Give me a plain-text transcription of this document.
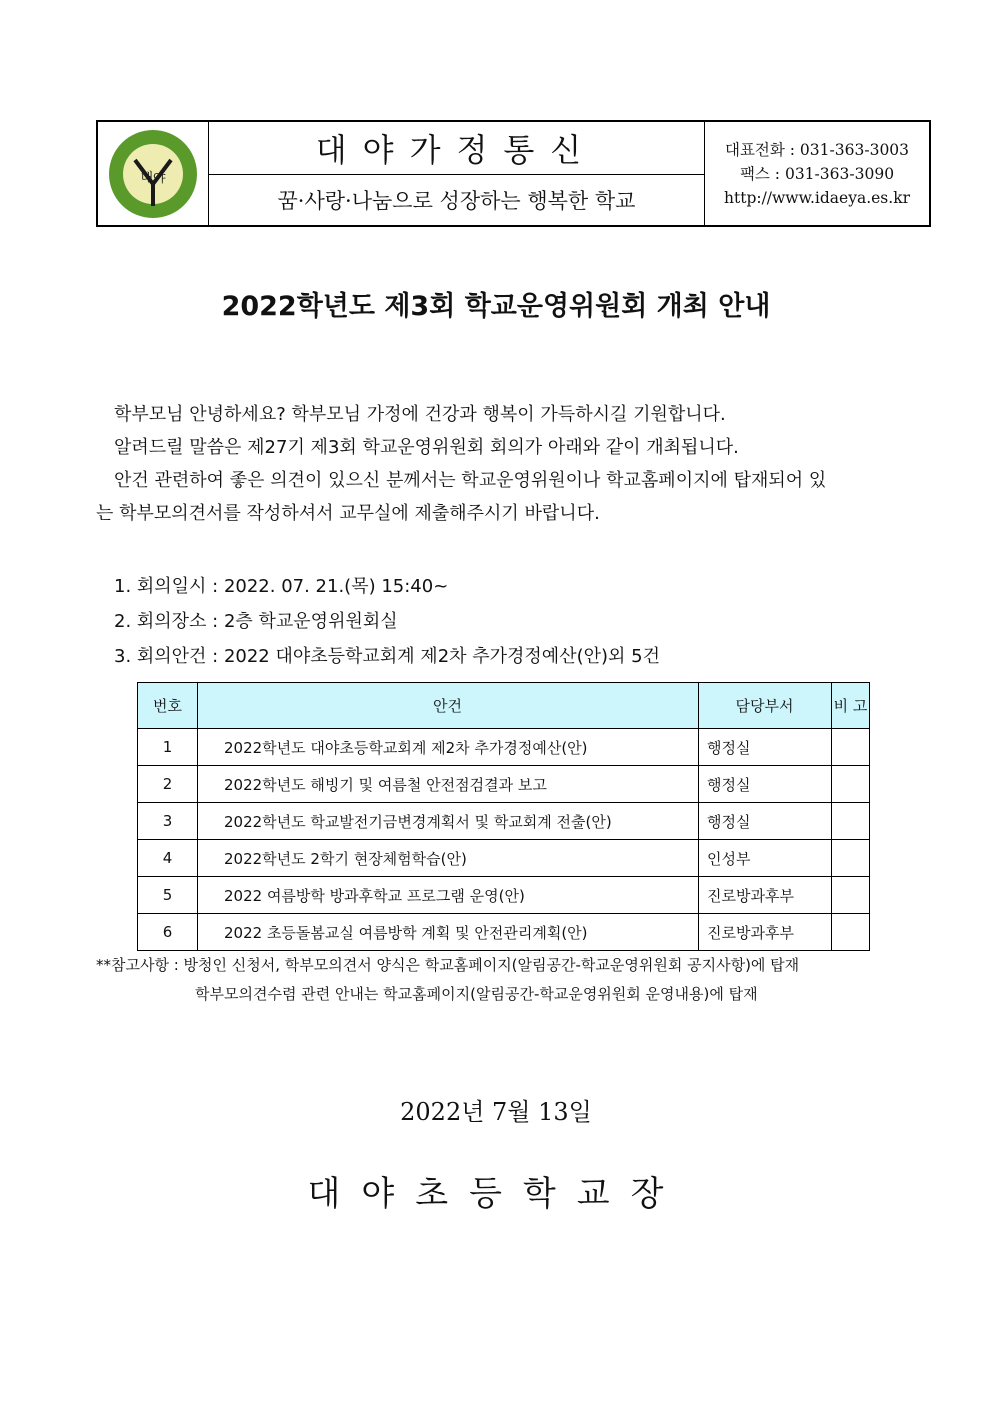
대야
대야가정통신
꿈·사랑·나눔으로 성장하는 행복한 학교
대표전화 : 031-363-3003
팩스 : 031-363-3090
http://www.idaeya.es.kr
2022학년도 제3회 학교운영위원회 개최 안내
학부모님 안녕하세요? 학부모님 가정에 건강과 행복이 가득하시길 기원합니다.
알려드릴 말씀은 제27기 제3회 학교운영위원회 회의가 아래와 같이 개최됩니다.
안건 관련하여 좋은 의견이 있으신 분께서는 학교운영위원이나 학교홈페이지에 탑재되어 있
는 학부모의견서를 작성하셔서 교무실에 제출해주시기 바랍니다.
1. 회의일시 : 2022. 07. 21.(목) 15:40~
2. 회의장소 : 2층 학교운영위원회실
3. 회의안건 : 2022 대야초등학교회계 제2차 추가경정예산(안)외 5건
번호	안건	담당부서	비 고
1	2022학년도 대야초등학교회계 제2차 추가경정예산(안)	행정실	
2	2022학년도 해빙기 및 여름철 안전점검결과 보고	행정실	
3	2022학년도 학교발전기금변경계획서 및 학교회계 전출(안)	행정실	
4	2022학년도 2학기 현장체험학습(안)	인성부	
5	2022 여름방학 방과후학교 프로그램 운영(안)	진로방과후부	
6	2022 초등돌봄교실 여름방학 계획 및 안전관리계획(안)	진로방과후부	
**참고사항 : 방청인 신청서, 학부모의견서 양식은 학교홈페이지(알림공간-학교운영위원회 공지사항)에 탑재
학부모의견수렴 관련 안내는 학교홈페이지(알림공간-학교운영위원회 운영내용)에 탑재
2022년 7월 13일
대야초등학교장
